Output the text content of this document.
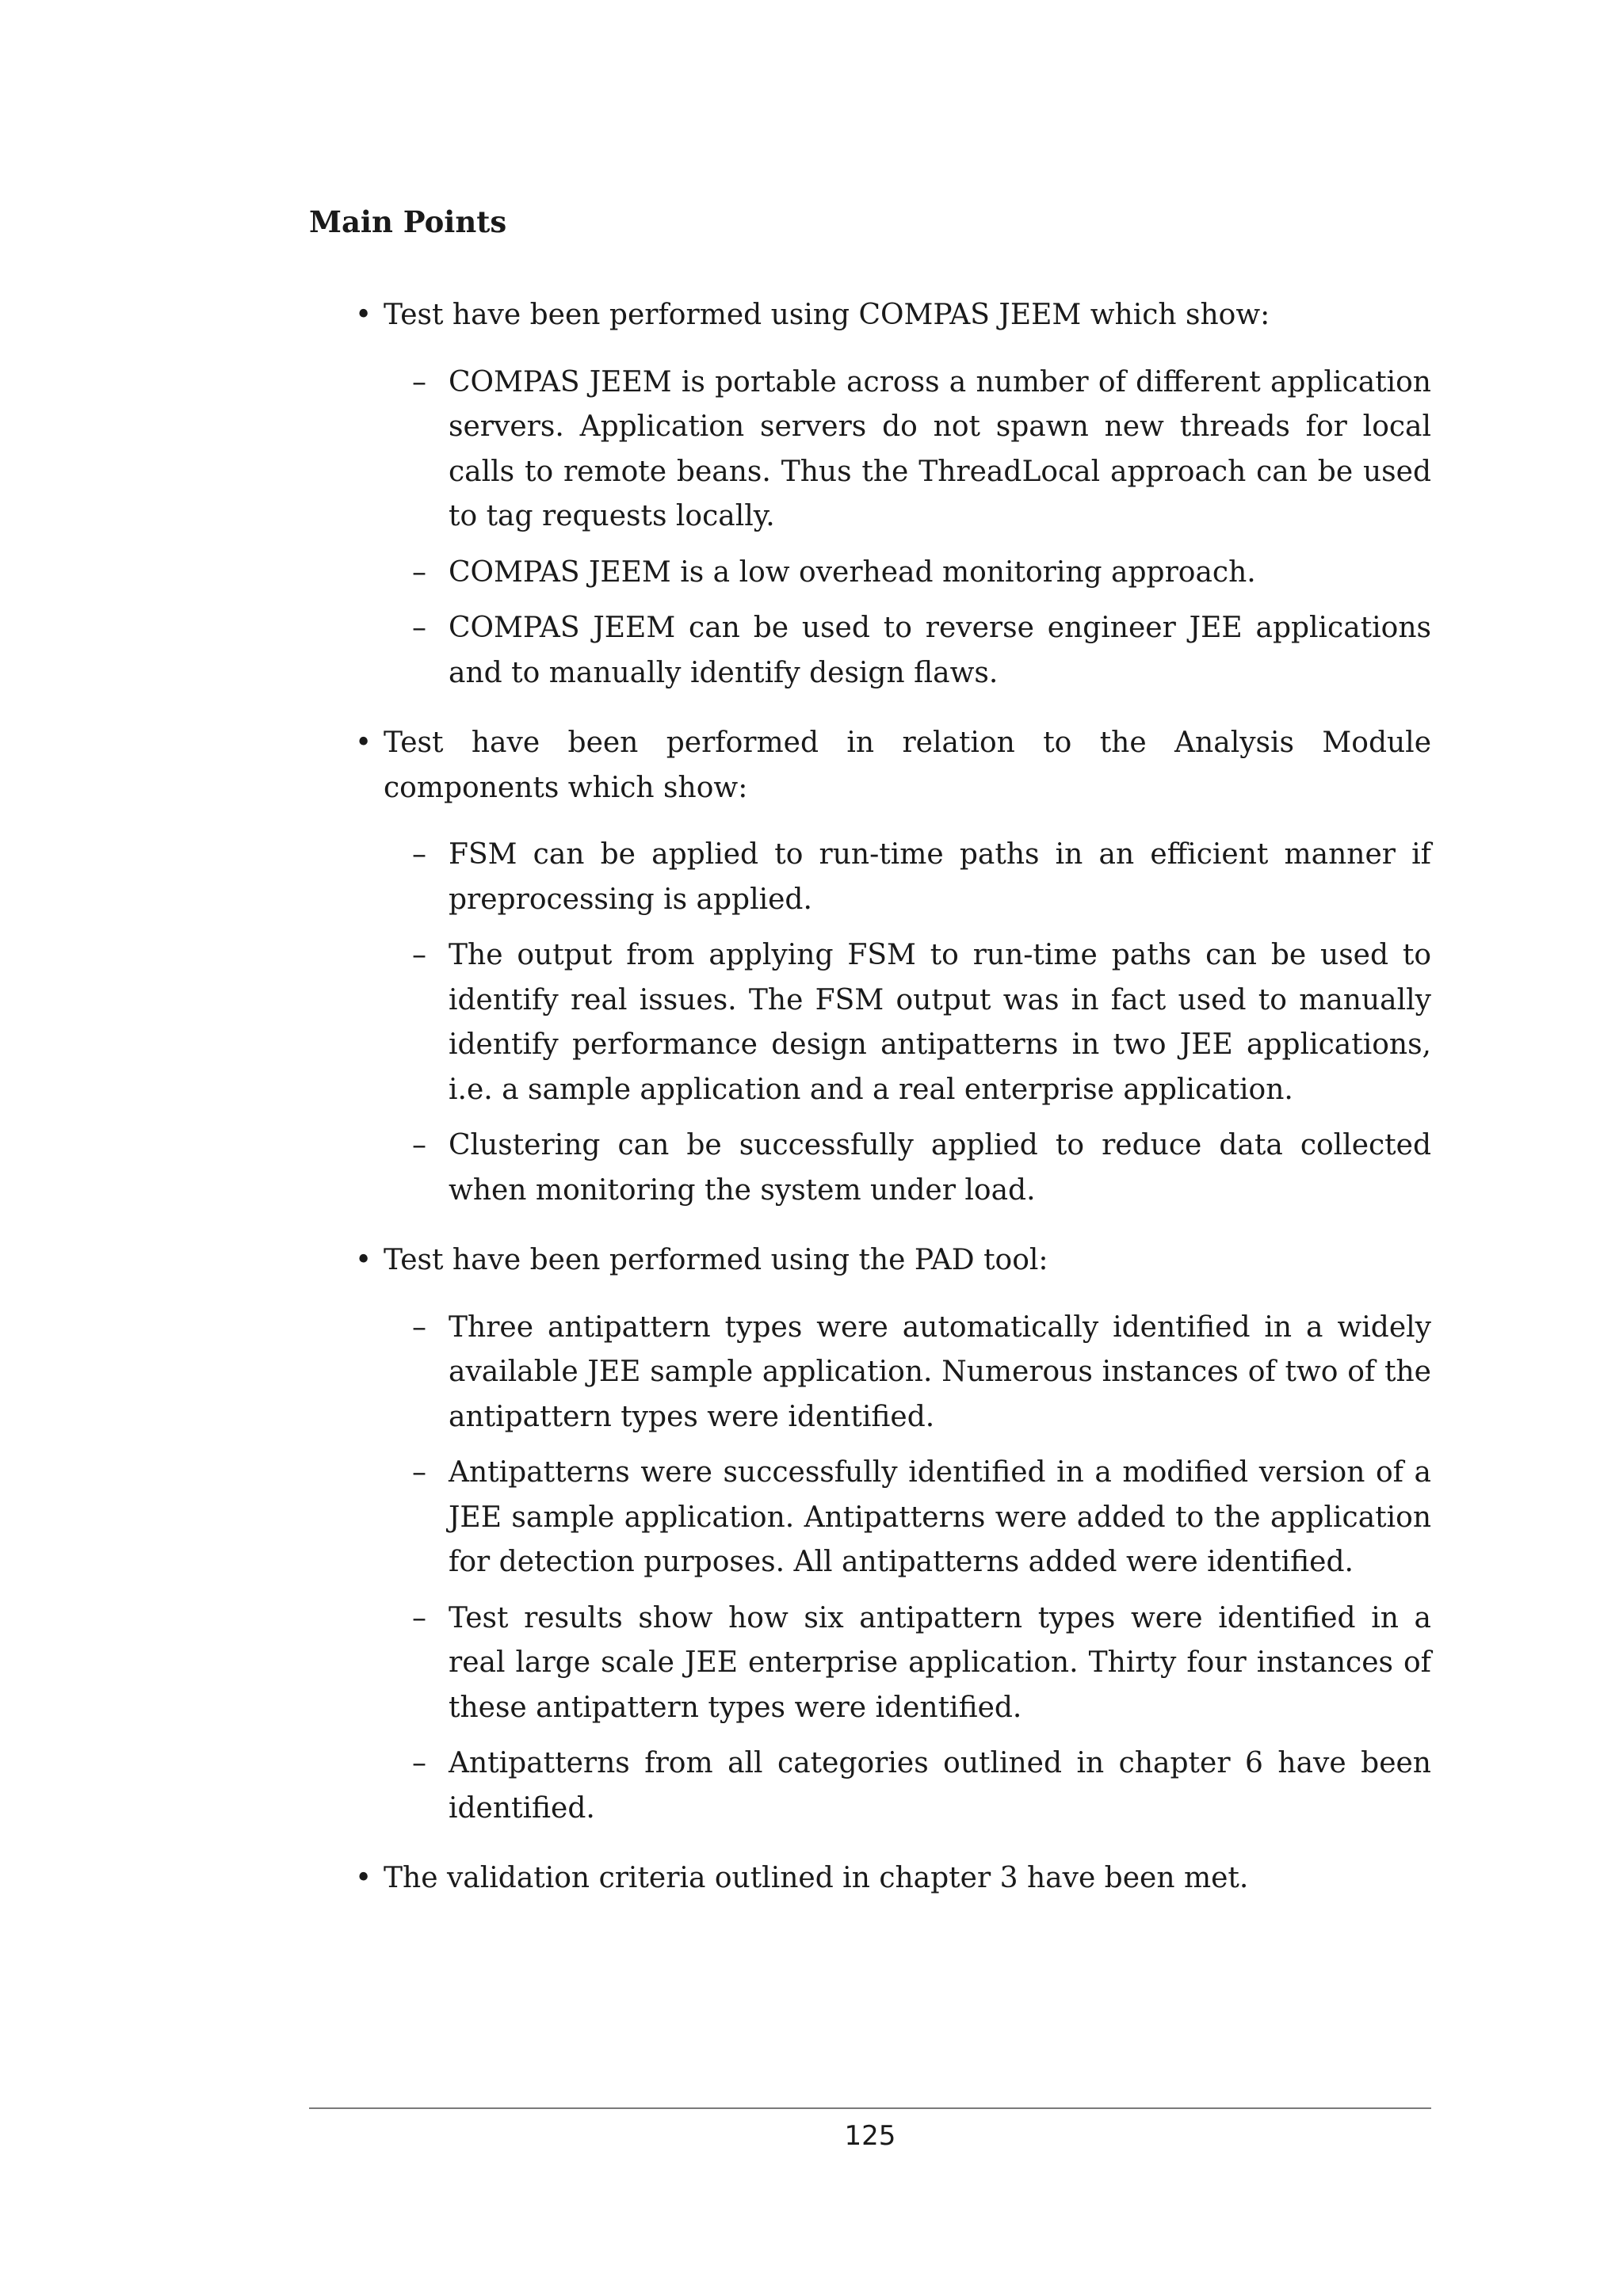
Main Points
• Test have been performed using COMPAS JEEM which show:
– COMPAS JEEM is portable across a number of different application servers. Application servers do not spawn new threads for local calls to remote beans. Thus the ThreadLocal approach can be used to tag requests locally.
– COMPAS JEEM is a low overhead monitoring approach.
– COMPAS JEEM can be used to reverse engineer JEE applications and to manually identify design flaws.
• Test have been performed in relation to the Analysis Module components which show:
– FSM can be applied to run-time paths in an efficient manner if preprocessing is applied.
– The output from applying FSM to run-time paths can be used to identify real issues. The FSM output was in fact used to manually identify performance design antipatterns in two JEE applications, i.e. a sample application and a real enterprise application.
– Clustering can be successfully applied to reduce data collected when monitoring the system under load.
• Test have been performed using the PAD tool:
– Three antipattern types were automatically identified in a widely available JEE sample application. Numerous instances of two of the antipattern types were identified.
– Antipatterns were successfully identified in a modified version of a JEE sample application. Antipatterns were added to the application for detection purposes. All antipatterns added were identified.
– Test results show how six antipattern types were identified in a real large scale JEE enterprise application. Thirty four instances of these antipattern types were identified.
– Antipatterns from all categories outlined in chapter 6 have been identified.
• The validation criteria outlined in chapter 3 have been met.
125
